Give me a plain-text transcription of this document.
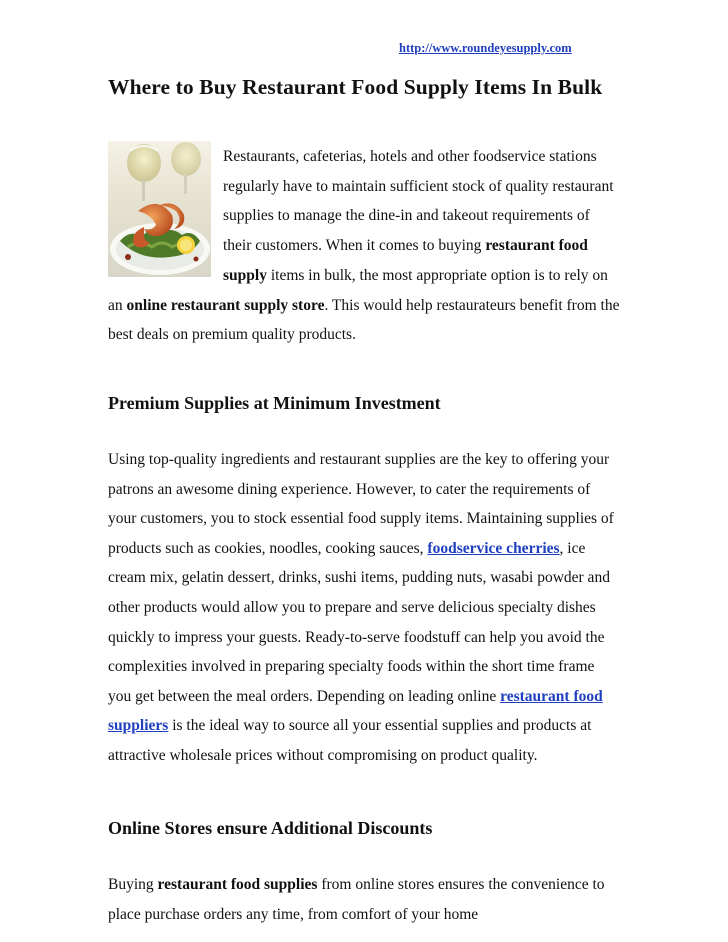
http://www.roundeyesupply.com
Where to Buy Restaurant Food Supply Items In Bulk

Restaurants, cafeterias, hotels and other foodservice stations regularly have to maintain sufficient stock of quality restaurant supplies to manage the dine-in and takeout requirements of their customers. When it comes to buying restaurant food supply items in bulk, the most appropriate option is to rely on an online restaurant supply store. This would help restaurateurs benefit from the best deals on premium quality products.

Premium Supplies at Minimum Investment

Using top-quality ingredients and restaurant supplies are the key to offering your patrons an awesome dining experience. However, to cater the requirements of your customers, you to stock essential food supply items. Maintaining supplies of products such as cookies, noodles, cooking sauces, foodservice cherries, ice cream mix, gelatin dessert, drinks, sushi items, pudding nuts, wasabi powder and other products would allow you to prepare and serve delicious specialty dishes quickly to impress your guests. Ready-to-serve foodstuff can help you avoid the complexities involved in preparing specialty foods within the short time frame you get between the meal orders. Depending on leading online restaurant food suppliers is the ideal way to source all your essential supplies and products at attractive wholesale prices without compromising on product quality.

Online Stores ensure Additional Discounts

Buying restaurant food supplies from online stores ensures the convenience to place purchase orders any time, from comfort of your home
